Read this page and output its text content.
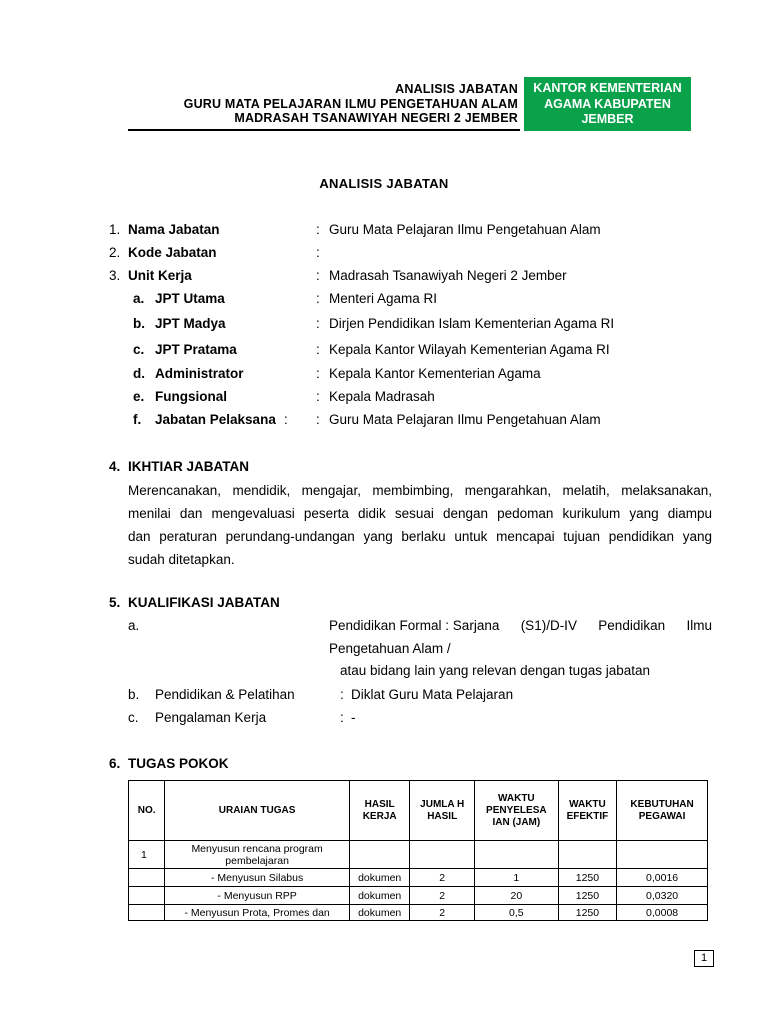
ANALISIS JABATAN
GURU MATA PELAJARAN ILMU PENGETAHUAN ALAM
MADRASAH TSANAWIYAH NEGERI 2 JEMBER
KANTOR KEMENTERIAN
AGAMA KABUPATEN
JEMBER
ANALISIS JABATAN
1. Nama Jabatan	: Guru Mata Pelajaran Ilmu Pengetahuan Alam
2. Kode Jabatan	:
3. Unit Kerja	: Madrasah Tsanawiyah Negeri 2 Jember
a. JPT Utama	: Menteri Agama RI
b. JPT Madya	: Dirjen Pendidikan Islam Kementerian Agama RI
c. JPT Pratama	: Kepala Kantor Wilayah Kementerian Agama RI
d. Administrator	: Kepala Kantor Kementerian Agama
e. Fungsional	: Kepala Madrasah
f. Jabatan Pelaksana : : Guru Mata Pelajaran Ilmu Pengetahuan Alam
4. IKHTIAR JABATAN
Merencanakan, mendidik, mengajar, membimbing, mengarahkan, melatih, melaksanakan,
menilai dan mengevaluasi peserta didik sesuai dengan pedoman kurikulum yang diampu
dan peraturan perundang-undangan yang berlaku untuk mencapai tujuan pendidikan yang
sudah ditetapkan.
5. KUALIFIKASI JABATAN
a.	Pendidikan Formal : Sarjana (S1)/D-IV Pendidikan Ilmu
Pengetahuan Alam /
atau bidang lain yang relevan dengan tugas jabatan
b. Pendidikan & Pelatihan	: Diklat Guru Mata Pelajaran
c. Pengalaman Kerja	: -
6. TUGAS POKOK
NO.	URAIAN TUGAS	HASIL KERJA	JUMLA H HASIL	WAKTU PENYELESA IAN (JAM)	WAKTU EFEKTIF	KEBUTUHAN PEGAWAI
1	Menyusun rencana program pembelajaran					
	- Menyusun Silabus	dokumen	2	1	1250	0,0016
	- Menyusun RPP	dokumen	2	20	1250	0,0320
	- Menyusun Prota, Promes dan	dokumen	2	0,5	1250	0,0008
1
